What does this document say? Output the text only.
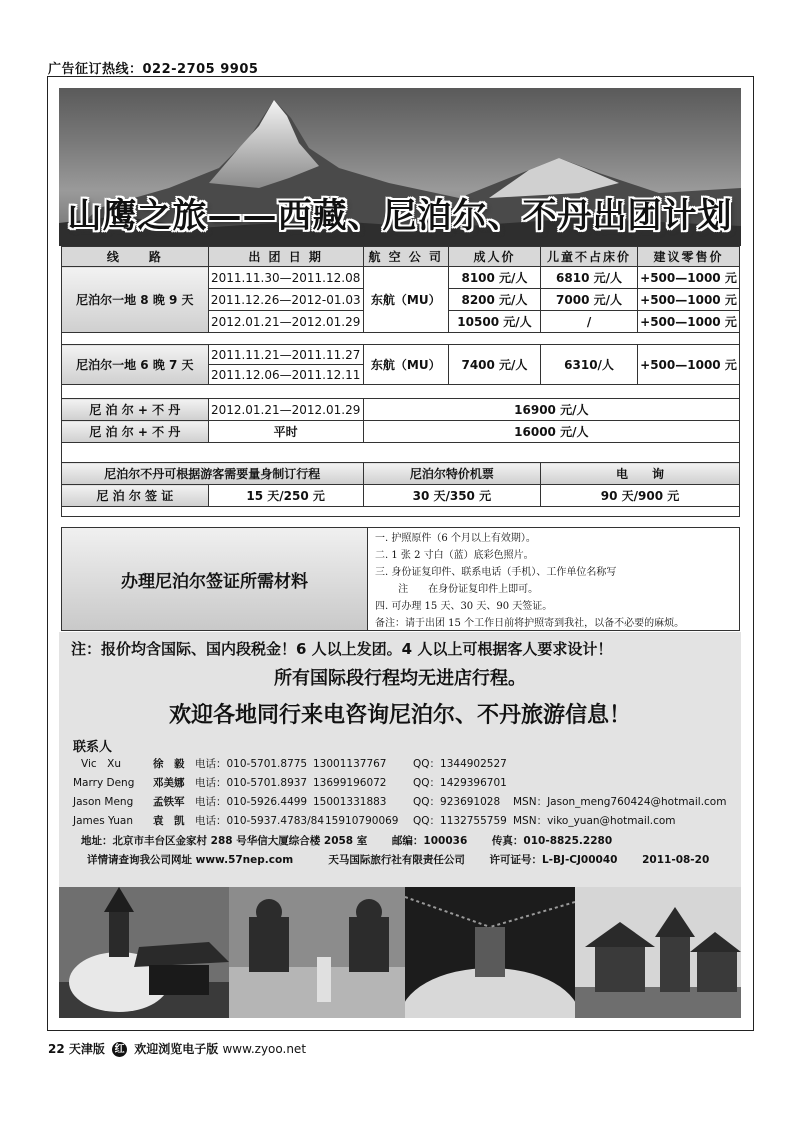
广告征订热线：022-2705 9905
山鹰之旅——西藏、尼泊尔、不丹出团计划
线　　路	出 团 日 期	航 空 公 司	成人价	儿童不占床价	建议零售价
尼泊尔一地 8 晚 9 天	2011.11.30—2011.12.08	东航（MU）	8100 元/人	6810 元/人	+500—1000 元
	2011.12.26—2012-01.03		8200 元/人	7000 元/人	+500—1000 元
	2012.01.21—2012.01.29		10500 元/人	/	+500—1000 元

尼泊尔一地 6 晚 7 天	2011.11.21—2011.11.27	东航（MU）	7400 元/人	6310/人	+500—1000 元
	2011.12.06—2011.12.11				

尼 泊 尔 + 不 丹	2012.01.21—2012.01.29	16900 元/人			
尼 泊 尔 + 不 丹	平时	16000 元/人			

尼泊尔不丹可根据游客需要量身制订行程		尼泊尔特价机票		电　　询	
尼 泊 尔 签 证	15 天/250 元	30 天/350 元		90 天/900 元	

办理尼泊尔签证所需材料
一. 护照原件（6 个月以上有效期）。
二. 1 张 2 寸白（蓝）底彩色照片。
三. 身份证复印件、联系电话（手机）、工作单位名称写
　　 注　　在身份证复印件上即可。
四. 可办理 15 天、30 天、90 天签证。
备注：请于出团 15 个工作日前将护照寄到我社，以备不必要的麻烦。
注：报价均含国际、国内段税金！6 人以上发团。4 人以上可根据客人要求设计！
所有国际段行程均无进店行程。
欢迎各地同行来电咨询尼泊尔、不丹旅游信息！
联系人
Vic　Xu	徐　毅 电话：010-5701.8775 13001137767	QQ：1344902527
Marry Deng 邓美娜 电话：010-5701.8937 13699196072	QQ：1429396701
Jason Meng 孟铁军 电话：010-5926.4499 15001331883	QQ：923691028 MSN：Jason_meng760424@hotmail.com
James Yuan 袁　凯 电话：010-5937.4783/8415910790069 QQ：1132755759 MSN：viko_yuan@hotmail.com
地址：北京市丰台区金家村 288 号华信大厦综合楼 2058 室　　 邮编：100036　　 传真：010-8825.2280
详情请查询我公司网址 www.57nep.com　　　	天马国际旅行社有限责任公司　　 许可证号：L-BJ-CJ00040　　 2011-08-20
22 天津版 红 欢迎浏览电子版 www.zyoo.net
